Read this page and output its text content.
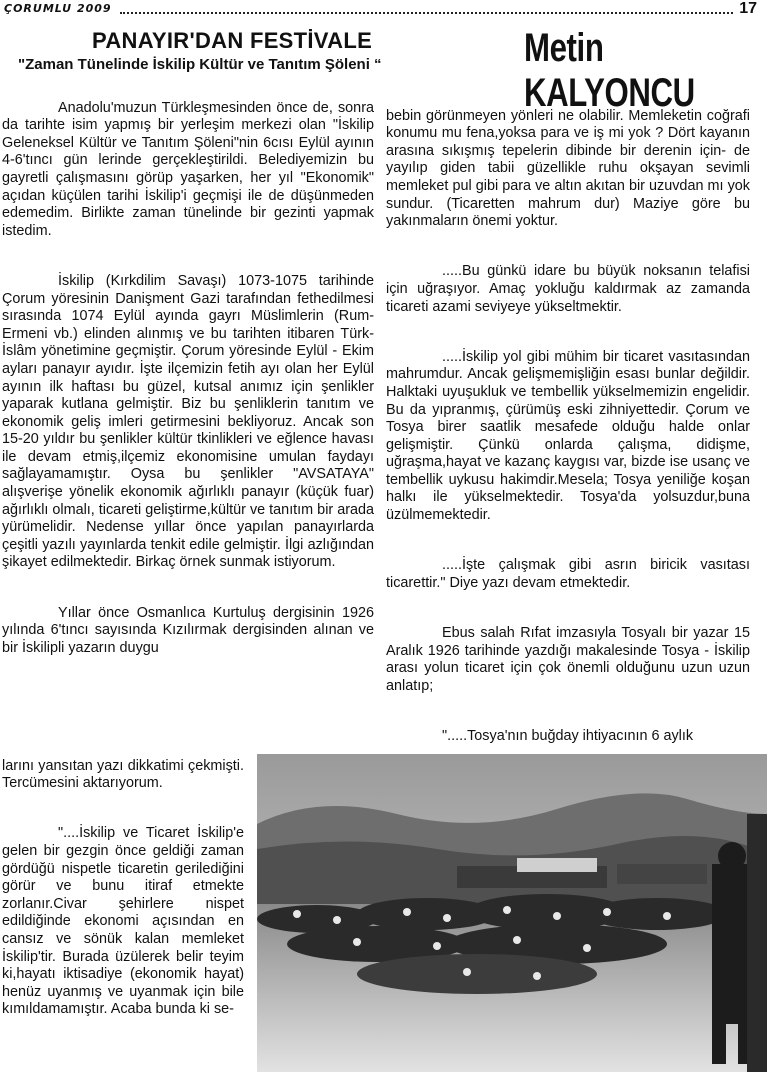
ÇORUMLU 2009	17
PANAYIR'DAN FESTİVALE
"Zaman Tünelinde İskilip Kültür ve Tanıtım Şöleni “	Metin KALYONCU

Anadolu'muzun Türkleşmesinden önce de, sonra da tarihte isim yapmış bir yerleşim merkezi olan "İskilip Geleneksel Kültür ve Tanıtım Şöleni"nin 6cısı Eylül ayının 4-6'tıncı gün lerinde gerçekleştirildi. Belediyemizin bu gayretli çalışmasını görüp yaşarken, her yıl "Ekonomik" açıdan küçülen tarihi İskilip'i geçmişi ile de düşünmeden edemedim. Birlikte zaman tünelinde bir gezinti yapmak istedim.

İskilip (Kırkdilim Savaşı) 1073-1075 tarihinde Çorum yöresinin Danişment Gazi tarafından fethedilmesi sırasında 1074 Eylül ayında gayrı Müslimlerin (Rum-Ermeni vb.) elinden alınmış ve bu tarihten itibaren Türk-İslâm yönetimine geçmiştir. Çorum yöresinde Eylül - Ekim ayları panayır ayıdır. İşte ilçemizin fetih ayı olan her Eylül ayının ilk haftası bu güzel, kutsal anımız için şenlikler yaparak kutlana gelmiştir. Biz bu şenliklerin tanıtım ve ekonomik geliş imleri getirmesini bekliyoruz. Ancak son 15-20 yıldır bu şenlikler kültür tkinlikleri ve eğlence havası ile devam etmiş,ilçemiz ekonomisine umulan faydayı sağlayamamıştır. Oysa bu şenlikler "AVSATAYA" alışverişe yönelik ekonomik ağırlıklı panayır (küçük fuar) ağırlıklı olmalı, ticareti geliştirme,kültür ve tanıtım bir arada yürümelidir. Nedense yıllar önce yapılan panayırlarda çeşitli yazılı yayınlarda tenkit edile gelmiştir. İlgi azlığından şikayet edilmektedir. Birkaç örnek sunmak istiyorum.

Yıllar önce Osmanlıca Kurtuluş dergisinin 1926 yılında 6'tıncı sayısında Kızılırmak dergisinden alınan ve bir İskilipli yazarın duygu

larını yansıtan yazı dikkatimi çekmişti. Tercümesini aktarıyorum.

"....İskilip ve Ticaret İskilip'e gelen bir gezgin önce geldiği zaman gördüğü nispetle ticaretin gerilediğini görür ve bunu itiraf etmekte zorlanır.Civar şehirlere nispet edildiğinde ekonomi açısından en cansız ve sönük kalan memleket İskilip'tir. Burada üzülerek belir teyim ki,hayatı iktisadiye (ekonomik hayat) henüz uyanmış ve uyanmak için bile kımıldamamıştır. Acaba bunda ki se-

bebin görünmeyen yönleri ne olabilir. Memleketin coğrafi konumu mu fena,yoksa para ve iş mi yok ? Dört kayanın arasına sıkışmış tepelerin dibinde bir derenin için- de yayılıp giden tabii güzellikle ruhu okşayan sevimli memleket pul gibi para ve altın akıtan bir uzuvdan mı yok sundur. (Ticaretten mahrum dur) Maziye göre bu yakınmaların önemi yoktur.

.....Bu günkü idare bu büyük noksanın telafisi için uğraşıyor. Amaç yokluğu kaldırmak az zamanda ticareti azami seviyeye yükseltmektir.

.....İskilip yol gibi mühim bir ticaret vasıtasından mahrumdur. Ancak gelişmemişliğin esası bunlar değildir. Halktaki uyuşukluk ve tembellik yükselmemizin engelidir. Bu da yıpranmış, çürümüş eski zihniyettedir. Çorum ve Tosya birer saatlik mesafede olduğu halde onlar gelişmiştir. Çünkü onlarda çalışma, didişme, uğraşma,hayat ve kazanç kaygısı var, bizde ise usanç ve tembellik uykusu hakimdir.Mesela; Tosya yeniliğe koşan halkı ile yükselmektedir. Tosya'da yolsuzdur,buna üzülmemektedir.

.....İşte çalışmak gibi asrın biricik vasıtası ticarettir." Diye yazı devam etmektedir.

Ebus salah Rıfat imzasıyla Tosyalı bir yazar 15 Aralık 1926 tarihinde yazdığı makalesinde Tosya - İskilip arası yolun ticaret için çok önemli olduğunu uzun uzun anlatıp;

".....Tosya'nın buğday ihtiyacının 6 aylık
